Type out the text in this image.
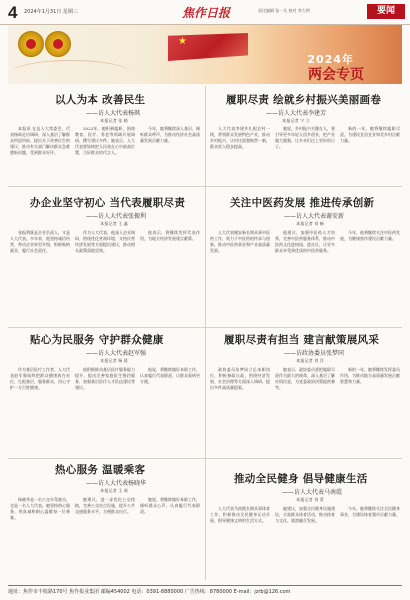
4 2024年1月31日 星期三	焦作日报	责任编辑 张一凡 校对 李大明	要闻
★
2024年
两会专页
以人为本 改善民生
——访人大代表杨飒
本报记者 张 晓

本报讯 在县人大常委会，代表杨飒走访调研，深入基层了解群众所思所盼，提出关于改善民生的建议，推动有关部门解决群众急难愁盼问题，受到群众好评。

2023年，她积极履职，围绕教育、医疗、养老等领域开展调研，撰写建议多件。她表示，人大代表要始终把人民放在心中最高位置，当好群众的代言人。

今年，她将继续深入基层，倾听群众呼声，为推动经济社会高质量发展贡献力量。

履职尽责 绘就乡村振兴美丽画卷
——访人大代表李建芳
本报记者 宁 立

人大代表李建芳扎根农村一线，带领群众发展特色产业，推动乡村振兴，让村庄面貌焕然一新，群众收入稳步提高。

她说，乡村振兴关键在人，要引导更多年轻人回乡创业，把产业做大做强，让乡亲们过上更好的日子。

新的一年，她将继续履职尽责，为建设宜居宜业和美乡村贡献力量。

办企业坚守初心 当代表履职尽责
——访人大代表张振利
本报记者 王 鑫

张振利既是企业负责人，又是人大代表。多年来，他坚持诚信经营，带动企业转型升级，积极吸纳就业，履行社会责任。

作为人大代表，他深入企业调研，围绕优化营商环境、支持民营经济发展等方面提出建议，推动相关政策落地见效。

他表示，将继续发挥代表作用，为地方经济发展建言献策。

关注中医药发展 推进传承创新
——访人大代表谢安新
本报记者 刘 畅

人大代表谢安新长期从事中医药工作，致力于中医药的传承与创新，推动中医药事业和产业高质量发展。

他建议，加强中医药人才培养，完善中医药服务体系，推动中医药文化进校园、进社区，让更多群众享受到优质的中医药服务。

今年，他将继续关注中医药发展，为健康焦作建设贡献力量。

贴心为民服务 守护群众健康
——访人大代表赵军强
本报记者 杨 晨

作为基层医疗工作者，人大代表赵军强始终把群众健康放在首位，扎根基层，服务群众，用心守护一方百姓健康。

他积极推动基层医疗服务能力提升，提出完善家庭医生签约服务、加强基层医疗人才队伍建设等建议。

他说，将继续做好本职工作，认真履行代表职责，让群众看病更方便。

履职尽责有担当 建言献策展风采
——访政协委员张梦同
本报记者 刘 洋

政协委员张梦同立足本职岗位，积极参政议政，围绕经济发展、社会治理等方面深入调研，提出多件高质量提案。

她表示，政协委员要把履职尽责作为最大的使命，深入基层了解社情民意，为党委政府决策提供参考。

新的一年，她将继续发挥委员作用，为推动地方高质量发展贡献智慧和力量。

热心服务 温暖乘客
——访人大代表杨晓华
本报记者 王 萌

杨晓华是一名公交车驾驶员，也是一名人大代表。她坚持热心服务，用真诚和耐心温暖每一位乘客。

她建议，进一步优化公交线路，完善公交站点设施，提升公共交通服务水平，方便群众出行。

她说，将继续做好本职工作，倾听群众心声，认真履行代表职责。

推动全民健身 倡导健康生活
——访人大代表马南霞
本报记者 刘 菁

人大代表马南霞长期从事体育工作，积极推动全民健身运动开展，倡导健康文明的生活方式。

她建议，加强全民健身设施建设，丰富群众体育活动，推动体育与文化、旅游融合发展。

今年，她将继续关注全民健身事业，为建设体育强市贡献力量。

地址：焦作市丰收路170号 焦作报业集团 邮编454002 电话：0391-8880000 广告热线：8780000 E-mail：jzrb@126.com
